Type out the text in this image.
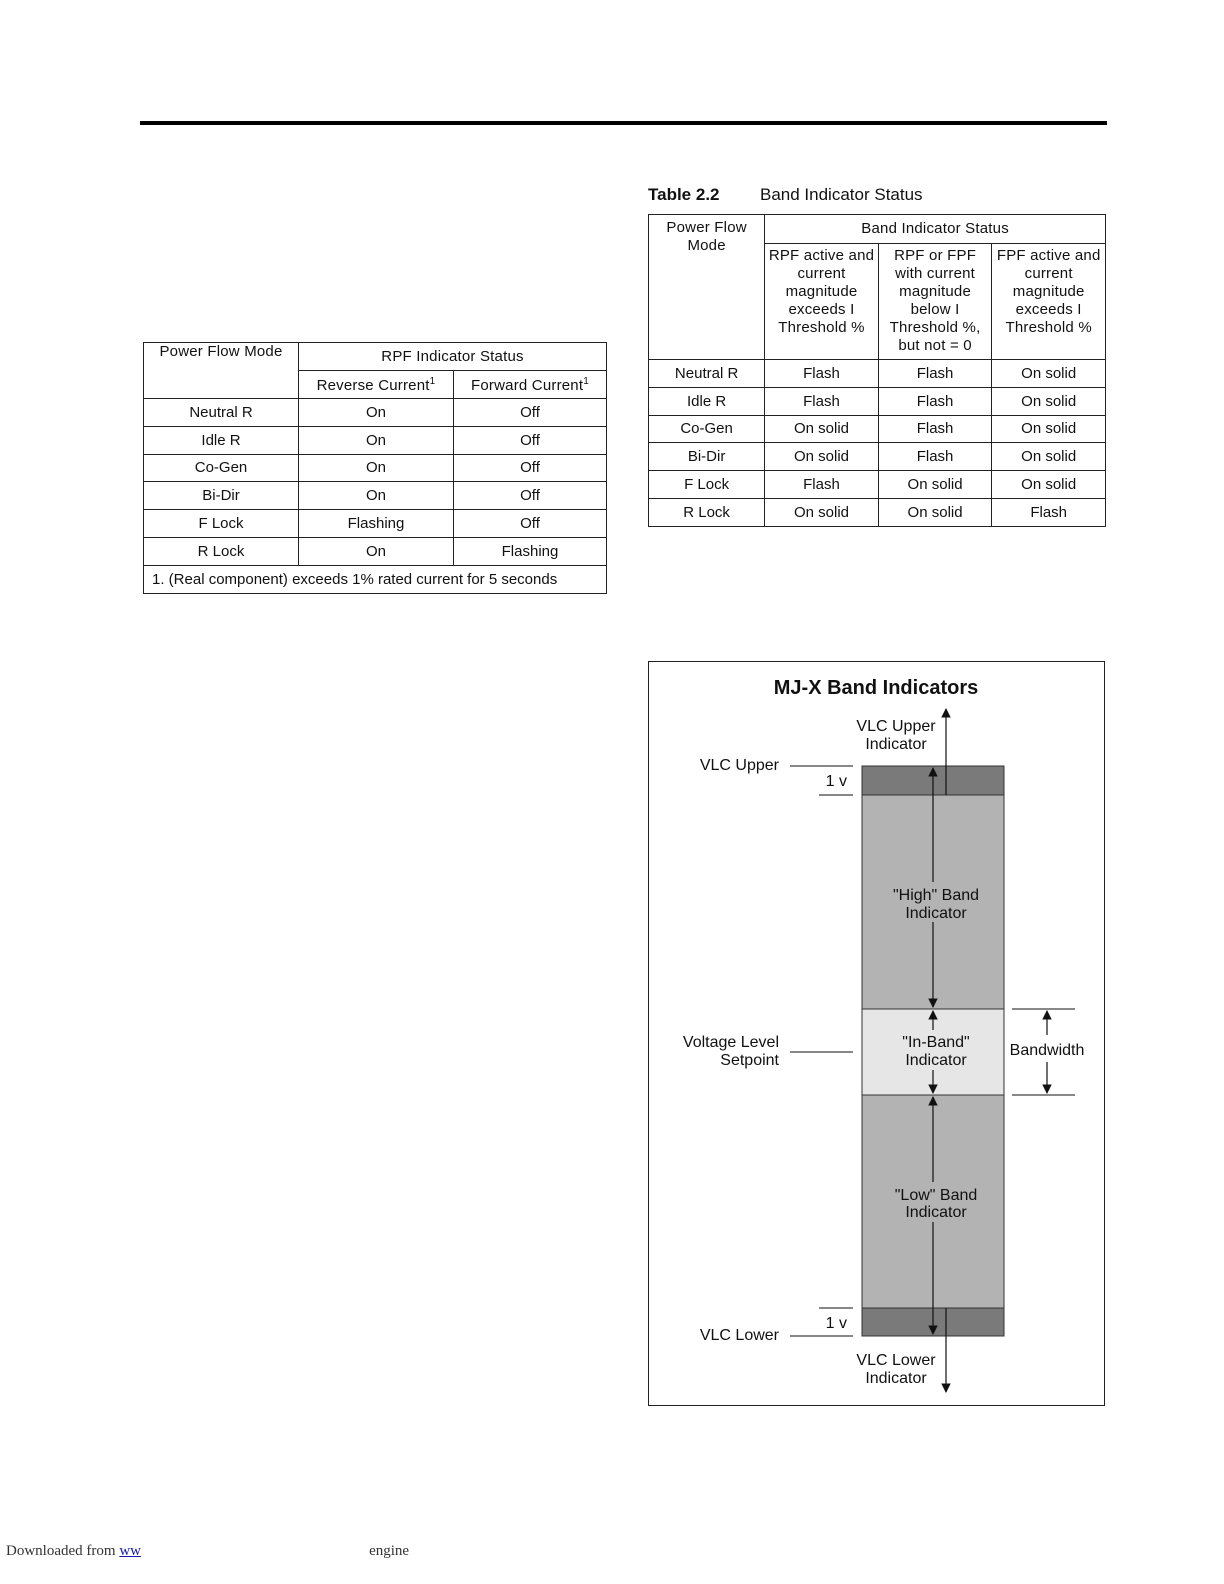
Power Flow Mode	RPF Indicator Status	
	Reverse Current$^1$	Forward Current$^1$
Neutral R	On	Off
Idle R	On	Off
Co-Gen	On	Off
Bi-Dir	On	Off
F Lock	Flashing	Off
R Lock	On	Flashing
1. (Real component) exceeds 1% rated current for 5 seconds		
Table 2.2 Band Indicator Status
Power Flow Mode	Band Indicator Status		
	RPF active and current magnitude exceeds I Threshold %	RPF or FPF with current magnitude below I Threshold %, but not = 0	FPF active and current magnitude exceeds I Threshold %
Neutral R	Flash	Flash	On solid
Idle R	Flash	Flash	On solid
Co-Gen	On solid	Flash	On solid
Bi-Dir	On solid	Flash	On solid
F Lock	Flash	On solid	On solid
R Lock	On solid	On solid	Flash
MJ-X Band Indicators
VLC Upper
Indicator
VLC Upper
1 v
"High" Band
Indicator
"In-Band"
Indicator
Voltage Level
Setpoint
Bandwidth
"Low" Band
Indicator
1 v
VLC Lower
VLC Lower
Indicator
Downloaded from ww	engine
